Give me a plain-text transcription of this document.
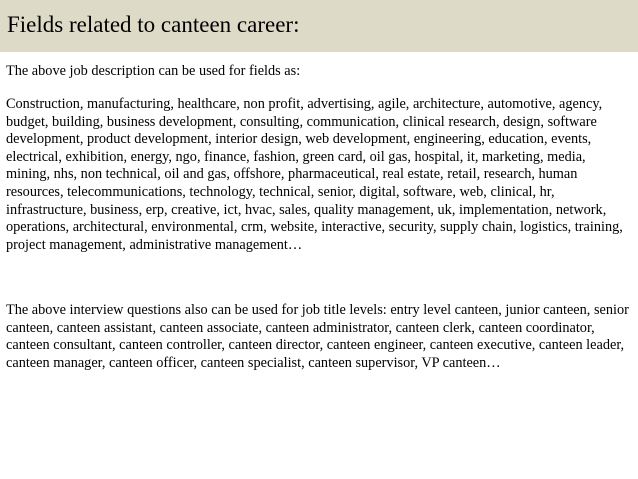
Fields related to canteen career:
The above job description can be used for fields as:
Construction, manufacturing, healthcare, non profit, advertising, agile, architecture, automotive, agency, budget, building, business development, consulting, communication, clinical research, design, software development, product development, interior design, web development, engineering, education, events, electrical, exhibition, energy, ngo, finance, fashion, green card, oil gas, hospital, it, marketing, media, mining, nhs, non technical, oil and gas, offshore, pharmaceutical, real estate, retail, research, human resources, telecommunications, technology, technical, senior, digital, software, web, clinical, hr, infrastructure, business, erp, creative, ict, hvac, sales, quality management, uk, implementation, network, operations, architectural, environmental, crm, website, interactive, security, supply chain, logistics, training, project management, administrative management…
The above interview questions also can be used for job title levels: entry level canteen, junior canteen, senior canteen, canteen assistant, canteen associate, canteen administrator, canteen clerk, canteen coordinator, canteen consultant, canteen controller, canteen director, canteen engineer, canteen executive, canteen leader, canteen manager, canteen officer, canteen specialist, canteen supervisor, VP canteen…
